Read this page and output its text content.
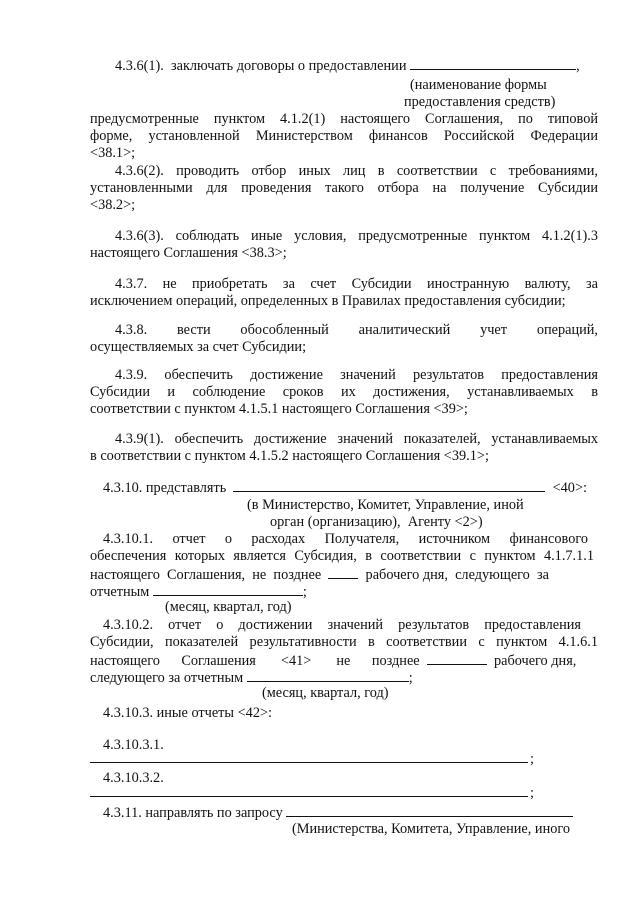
4.3.6(1).  заключать договоры о предоставлении	,
(наименование формы
предоставления средств)
предусмотренные пунктом 4.1.2(1) настоящего Соглашения, по типовой
форме, установленной Министерством финансов Российской Федерации
<38.1>;
4.3.6(2). проводить отбор иных лиц в соответствии с требованиями,
установленными для проведения такого отбора на получение Субсидии
<38.2>;
4.3.6(3). соблюдать иные условия, предусмотренные пунктом 4.1.2(1).3
настоящего Соглашения <38.3>;
4.3.7. не приобретать за счет Субсидии иностранную валюту, за
исключением операций, определенных в Правилах предоставления субсидии;
4.3.8. вести обособленный аналитический учет операций,
осуществляемых за счет Субсидии;
4.3.9. обеспечить достижение значений результатов предоставления
Субсидии и соблюдение сроков их достижения, устанавливаемых в
соответствии с пунктом 4.1.5.1 настоящего Соглашения <39>;
4.3.9(1). обеспечить достижение значений показателей, устанавливаемых
в соответствии с пунктом 4.1.5.2 настоящего Соглашения <39.1>;
4.3.10. представлять	<40>:
(в Министерство, Комитет, Управление, иной
орган (организацию),  Агенту <2>)
4.3.10.1. отчет о расходах Получателя, источником финансового
обеспечения которых является Субсидия, в соответствии с пунктом 4.1.7.1.1
настоящего  Соглашения,  не  позднее	рабочего дня,  следующего  за
отчетным	;
(месяц, квартал, год)
4.3.10.2. отчет о достижении значений результатов предоставления
Субсидии, показателей результативности в соответствии с пунктом 4.1.6.1
настоящего Соглашения <41> не позднее	рабочего дня,
следующего за отчетным	;
(месяц, квартал, год)
4.3.10.3. иные отчеты <42>:
4.3.10.3.1.
;
4.3.10.3.2.
;
4.3.11. направлять по запросу
(Министерства, Комитета, Управление, иного
